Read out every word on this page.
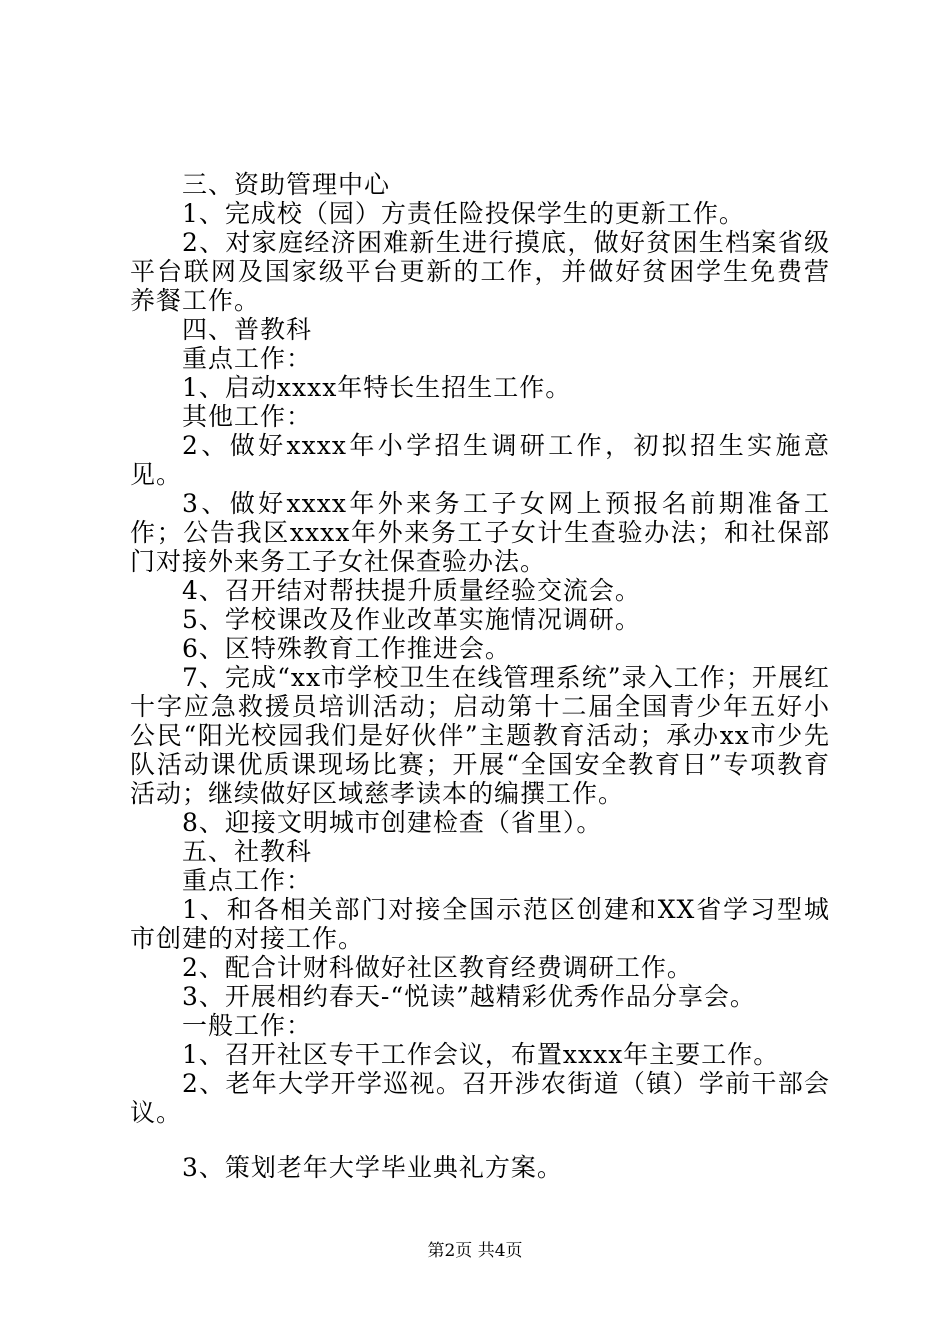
三、资助管理中心

1、完成校（园）方责任险投保学生的更新工作。

2、对家庭经济困难新生进行摸底，做好贫困生档案省级平台联网及国家级平台更新的工作，并做好贫困学生免费营养餐工作。

四、普教科

重点工作：

1、启动xxxx年特长生招生工作。

其他工作：

2、做好xxxx年小学招生调研工作，初拟招生实施意见。

3、做好xxxx年外来务工子女网上预报名前期准备工作；公告我区xxxx年外来务工子女计生查验办法；和社保部门对接外来务工子女社保查验办法。

4、召开结对帮扶提升质量经验交流会。

5、学校课改及作业改革实施情况调研。

6、区特殊教育工作推进会。

7、完成“xx市学校卫生在线管理系统”录入工作；开展红十字应急救援员培训活动；启动第十二届全国青少年五好小公民“阳光校园我们是好伙伴”主题教育活动；承办xx市少先队活动课优质课现场比赛；开展“全国安全教育日”专项教育活动；继续做好区域慈孝读本的编撰工作。

8、迎接文明城市创建检查（省里）。

五、社教科

重点工作：

1、和各相关部门对接全国示范区创建和XX省学习型城市创建的对接工作。

2、配合计财科做好社区教育经费调研工作。

3、开展相约春天-“悦读”越精彩优秀作品分享会。

一般工作：

1、召开社区专干工作会议，布置xxxx年主要工作。

2、老年大学开学巡视。召开涉农街道（镇）学前干部会议。

3、策划老年大学毕业典礼方案。

第2页 共4页
